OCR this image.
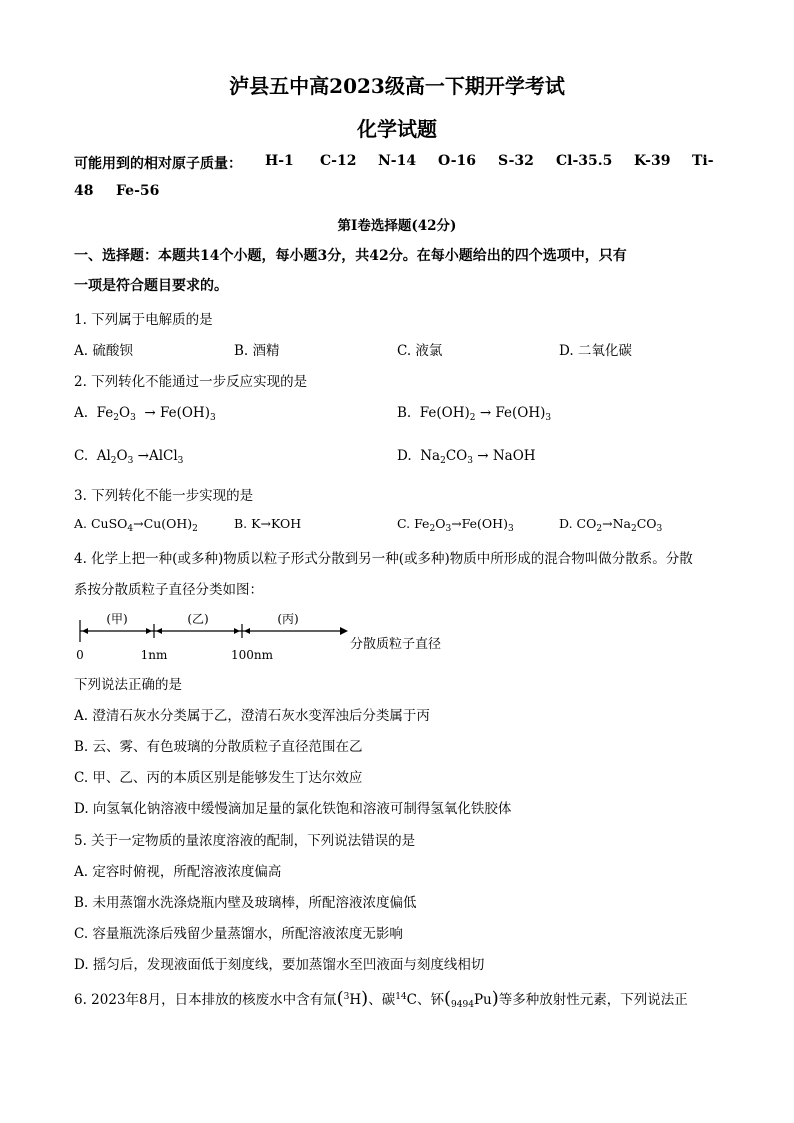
泸县五中高2023级高一下期开学考试
化学试题
可能用到的相对原子质量： H-1 C-12 N-14 O-16 S-32 Cl-35.5 K-39 Ti-
48 Fe-56
第Ⅰ卷选择题(42分)
一、选择题：本题共14个小题，每小题3分，共42分。在每小题给出的四个选项中，只有
一项是符合题目要求的。
1. 下列属于电解质的是
A. 硫酸钡	B. 酒精	C. 液氯	D. 二氧化碳
2. 下列转化不能通过一步反应实现的是
A.  $Fe_2O_3 \to Fe(OH)_3$	B.  $Fe(OH)_2 \to Fe(OH)_3$
C.  $Al_2O_3$ →AlCl$_3$	D.  $Na_2CO_3$ → NaOH
3. 下列转化不能一步实现的是
A. $CuSO_4\to Cu(OH)_2$	B. K→KOH	C. $Fe_2O_3\to Fe(OH)_3$	D. $CO_2\to Na_2CO_3$
4. 化学上把一种(或多种)物质以粒子形式分散到另一种(或多种)物质中所形成的混合物叫做分散系。分散
系按分散质粒子直径分类如图：
(甲)	(乙)	(丙)
0	1nm	100nm
分散质粒子直径
下列说法正确的是
A. 澄清石灰水分类属于乙，澄清石灰水变浑浊后分类属于丙
B. 云、雾、有色玻璃的分散质粒子直径范围在乙
C. 甲、乙、丙的本质区别是能够发生丁达尔效应
D. 向氢氧化钠溶液中缓慢滴加足量的氯化铁饱和溶液可制得氢氧化铁胶体
5. 关于一定物质的量浓度溶液的配制，下列说法错误的是
A. 定容时俯视，所配溶液浓度偏高
B. 未用蒸馏水洗涤烧瓶内壁及玻璃棒，所配溶液浓度偏低
C. 容量瓶洗涤后残留少量蒸馏水，所配溶液浓度无影响
D. 摇匀后，发现液面低于刻度线，要加蒸馏水至凹液面与刻度线相切
6. 2023年8月，日本排放的核废水中含有氚($^3$H)、碳$^{14}$C、钚$(_{9494}Pu)$等多种放射性元素，下列说法正
